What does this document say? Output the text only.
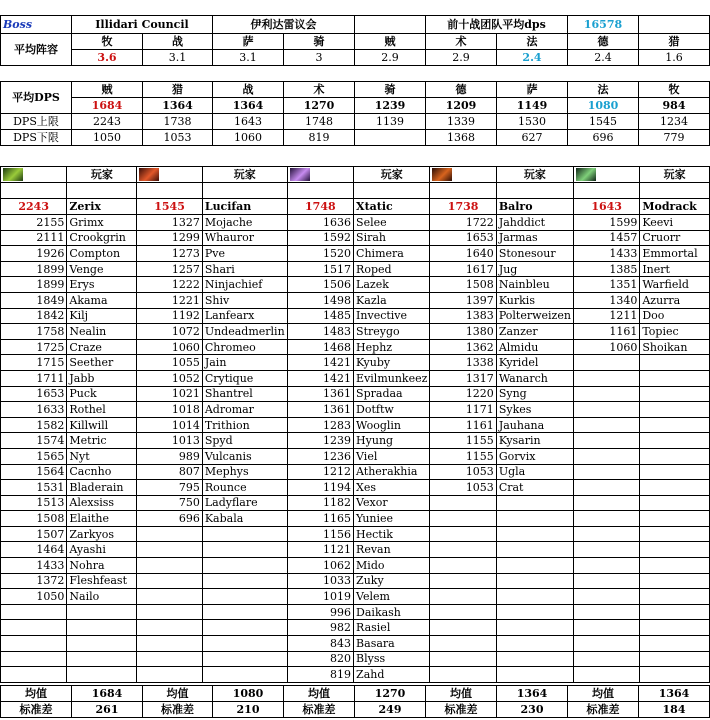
Boss	Illidari Council		伊利达雷议会			前十战团队平均dps		16578	
平均阵容	牧	战	萨	骑	贼	术	法	德	猎
	3.6	3.1	3.1	3	2.9	2.9	2.4	2.4	1.6

平均DPS	贼	猎	战	术	骑	德	萨	法	牧
	1684	1364	1364	1270	1239	1209	1149	1080	984
DPS上限	2243	1738	1643	1748	1139	1339	1530	1545	1234
DPS下限	1050	1053	1060	819		1368	627	696	779
	玩家		玩家		玩家		玩家		玩家

2243	Zerix	1545	Lucifan	1748	Xtatic	1738	Balro	1643	Modrack
2155	Grimx	1327	Mojache	1636	Selee	1722	Jahddict	1599	Keevi
2111	Crookgrin	1299	Whauror	1592	Sirah	1653	Jarmas	1457	Cruorr
1926	Compton	1273	Pve	1520	Chimera	1640	Stonesour	1433	Emmortal
1899	Venge	1257	Shari	1517	Roped	1617	Jug	1385	Inert
1899	Erys	1222	Ninjachief	1506	Lazek	1508	Nainbleu	1351	Warfield
1849	Akama	1221	Shiv	1498	Kazla	1397	Kurkis	1340	Azurra
1842	Kilj	1192	Lanfearx	1485	Invective	1383	Polterweizen	1211	Doo
1758	Nealin	1072	Undeadmerlin	1483	Streygo	1380	Zanzer	1161	Topiec
1725	Craze	1060	Chromeo	1468	Hephz	1362	Almidu	1060	Shoikan
1715	Seether	1055	Jain	1421	Kyuby	1338	Kyridel		
1711	Jabb	1052	Crytique	1421	Evilmunkeez	1317	Wanarch		
1653	Puck	1021	Shantrel	1361	Spradaa	1220	Syng		
1633	Rothel	1018	Adromar	1361	Dotftw	1171	Sykes		
1582	Killwill	1014	Trithion	1283	Wooglin	1161	Jauhana		
1574	Metric	1013	Spyd	1239	Hyung	1155	Kysarin		
1565	Nyt	989	Vulcanis	1236	Viel	1155	Gorvix		
1564	Cacnho	807	Mephys	1212	Atherakhia	1053	Ugla		
1531	Bladerain	795	Rounce	1194	Xes	1053	Crat		
1513	Alexsiss	750	Ladyflare	1182	Vexor				
1508	Elaithe	696	Kabala	1165	Yuniee				
1507	Zarkyos			1156	Hectik				
1464	Ayashi			1121	Revan				
1433	Nohra			1062	Mido				
1372	Fleshfeast			1033	Zuky				
1050	Nailo			1019	Velem				
				996	Daikash				
				982	Rasiel				
				843	Basara				
				820	Blyss				
				819	Zahd				
均值	1684	均值	1080	均值	1270	均值	1364	均值	1364
标准差	261	标准差	210	标准差	249	标准差	230	标准差	184
